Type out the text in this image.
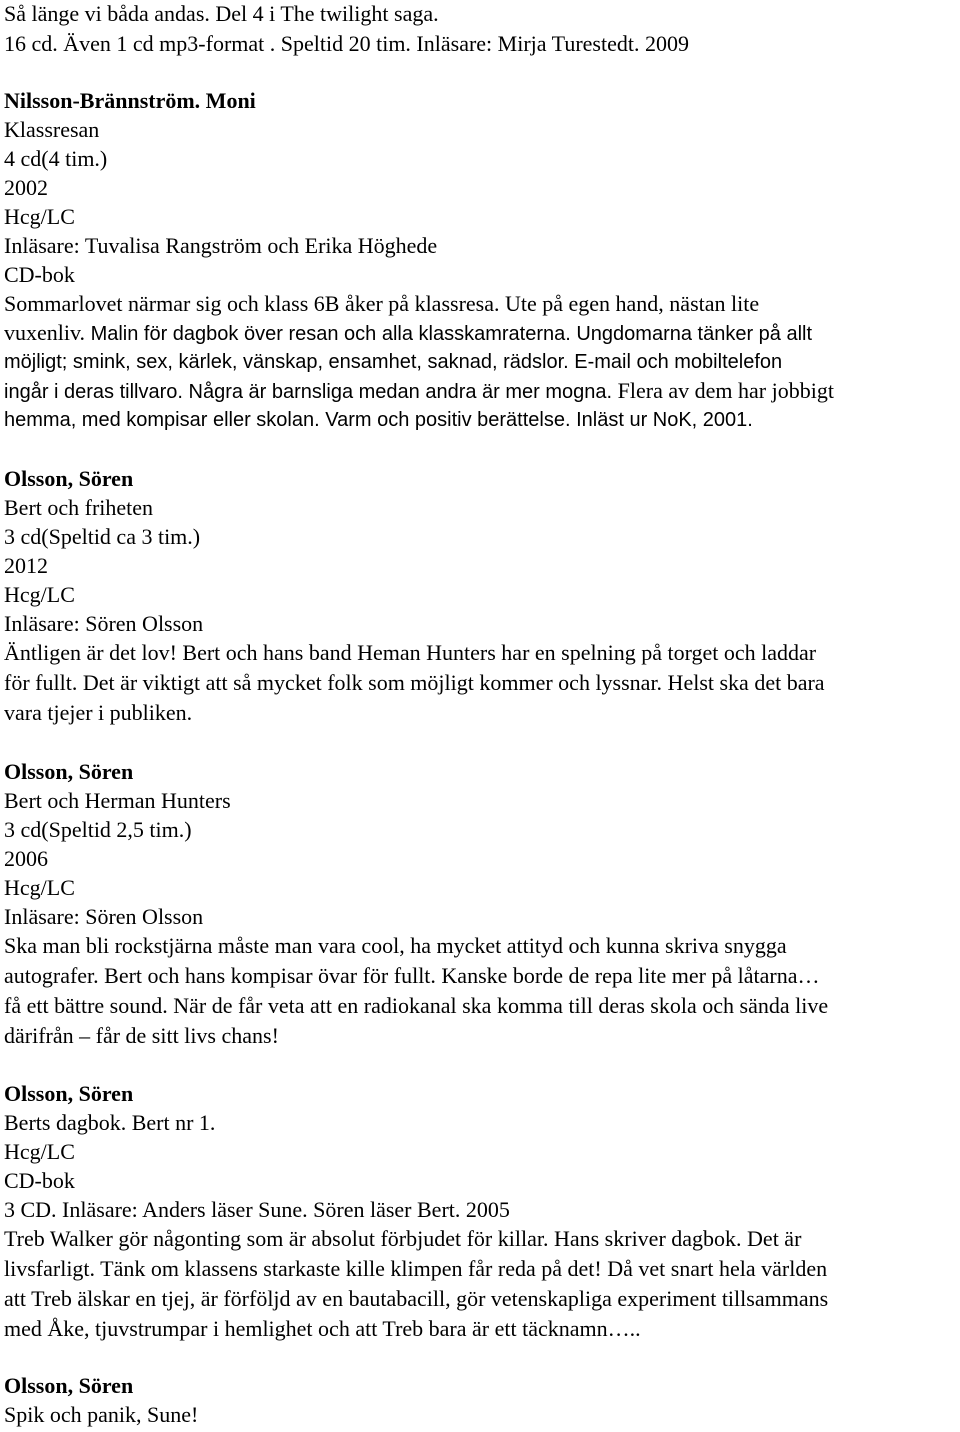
Så länge vi båda andas. Del 4 i The twilight saga.
16 cd. Även 1 cd mp3-format . Speltid 20 tim. Inläsare: Mirja Turestedt. 2009
Nilsson-Brännström. Moni
Klassresan
4 cd(4 tim.)
2002
Hcg/LC
Inläsare: Tuvalisa Rangström och Erika Höghede
CD-bok
Sommarlovet närmar sig och klass 6B åker på klassresa. Ute på egen hand, nästan lite
vuxenliv. Malin för dagbok över resan och alla klasskamraterna. Ungdomarna tänker på allt
möjligt; smink, sex, kärlek, vänskap, ensamhet, saknad, rädslor. E-mail och mobiltelefon
ingår i deras tillvaro. Några är barnsliga medan andra är mer mogna. Flera av dem har jobbigt
hemma, med kompisar eller skolan. Varm och positiv berättelse. Inläst ur NoK, 2001.
Olsson, Sören
Bert och friheten
3 cd(Speltid ca 3 tim.)
2012
Hcg/LC
Inläsare: Sören Olsson
Äntligen är det lov! Bert och hans band Heman Hunters har en spelning på torget och laddar
för fullt. Det är viktigt att så mycket folk som möjligt kommer och lyssnar. Helst ska det bara
vara tjejer i publiken.
Olsson, Sören
Bert och Herman Hunters
3 cd(Speltid 2,5 tim.)
2006
Hcg/LC
Inläsare: Sören Olsson
Ska man bli rockstjärna måste man vara cool, ha mycket attityd och kunna skriva snygga
autografer. Bert och hans kompisar övar för fullt. Kanske borde de repa lite mer på låtarna…
få ett bättre sound. När de får veta att en radiokanal ska komma till deras skola och sända live
därifrån – får de sitt livs chans!
Olsson, Sören
Berts dagbok. Bert nr 1.
Hcg/LC
CD-bok
3 CD. Inläsare: Anders läser Sune. Sören läser Bert. 2005
Treb Walker gör någonting som är absolut förbjudet för killar. Hans skriver dagbok. Det är
livsfarligt. Tänk om klassens starkaste kille klimpen får reda på det! Då vet snart hela världen
att Treb älskar en tjej, är förföljd av en bautabacill, gör vetenskapliga experiment tillsammans
med Åke, tjuvstrumpar i hemlighet och att Treb bara är ett täcknamn…..
Olsson, Sören
Spik och panik, Sune!
